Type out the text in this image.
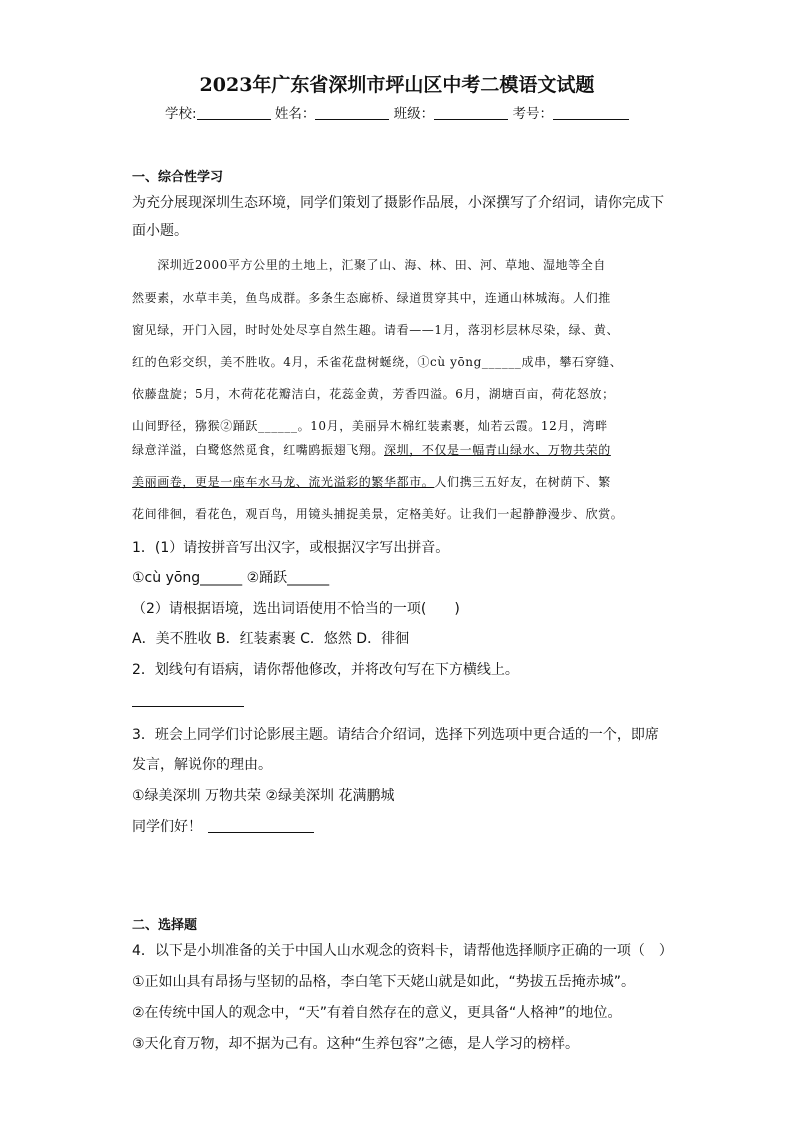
2023年广东省深圳市坪山区中考二模语文试题
学校:	姓名：	班级：	考号：
一、综合性学习
为充分展现深圳生态环境，同学们策划了摄影作品展，小深撰写了介绍词，请你完成下
面小题。
　　深圳近2000平方公里的土地上，汇聚了山、海、林、田、河、草地、湿地等全自
然要素，水草丰美，鱼鸟成群。多条生态廊桥、绿道贯穿其中，连通山林城海。人们推
窗见绿，开门入园，时时处处尽享自然生趣。请看——1月，落羽杉层林尽染，绿、黄、
红的色彩交织，美不胜收。4月，禾雀花盘树蜒绕，①cù yōng______成串，攀石穿缝、
依藤盘旋；5月，木荷花花瓣洁白，花蕊金黄，芳香四溢。6月，湖塘百亩，荷花怒放；
山间野径，猕猴②踊跃______。10月，美丽异木棉红装素裹，灿若云霞。12月，湾畔
绿意洋溢，白鹭悠然觅食，红嘴鸥振翅飞翔。深圳，不仅是一幅青山绿水、万物共荣的
美丽画卷，更是一座车水马龙、流光溢彩的繁华都市。人们携三五好友，在树荫下、繁
花间徘徊，看花色，观百鸟，用镜头捕捉美景，定格美好。让我们一起静静漫步、欣赏。
1．(1）请按拼音写出汉字，或根据汉字写出拼音。
①cù yōng______ ②踊跃______
（2）请根据语境，选出词语使用不恰当的一项(　　)
A．美不胜收 B．红装素裹 C．悠然 D．徘徊
2．划线句有语病，请你帮他修改，并将改句写在下方横线上。
3．班会上同学们讨论影展主题。请结合介绍词，选择下列选项中更合适的一个，即席
发言，解说你的理由。
①绿美深圳 万物共荣 ②绿美深圳 花满鹏城
同学们好！
二、选择题
4．以下是小圳准备的关于中国人山水观念的资料卡，请帮他选择顺序正确的一项（　）
①正如山具有昂扬与坚韧的品格，李白笔下天姥山就是如此，“势拔五岳掩赤城”。
②在传统中国人的观念中，“天”有着自然存在的意义，更具备“人格神”的地位。
③天化育万物，却不据为己有。这种“生养包容”之德，是人学习的榜样。
